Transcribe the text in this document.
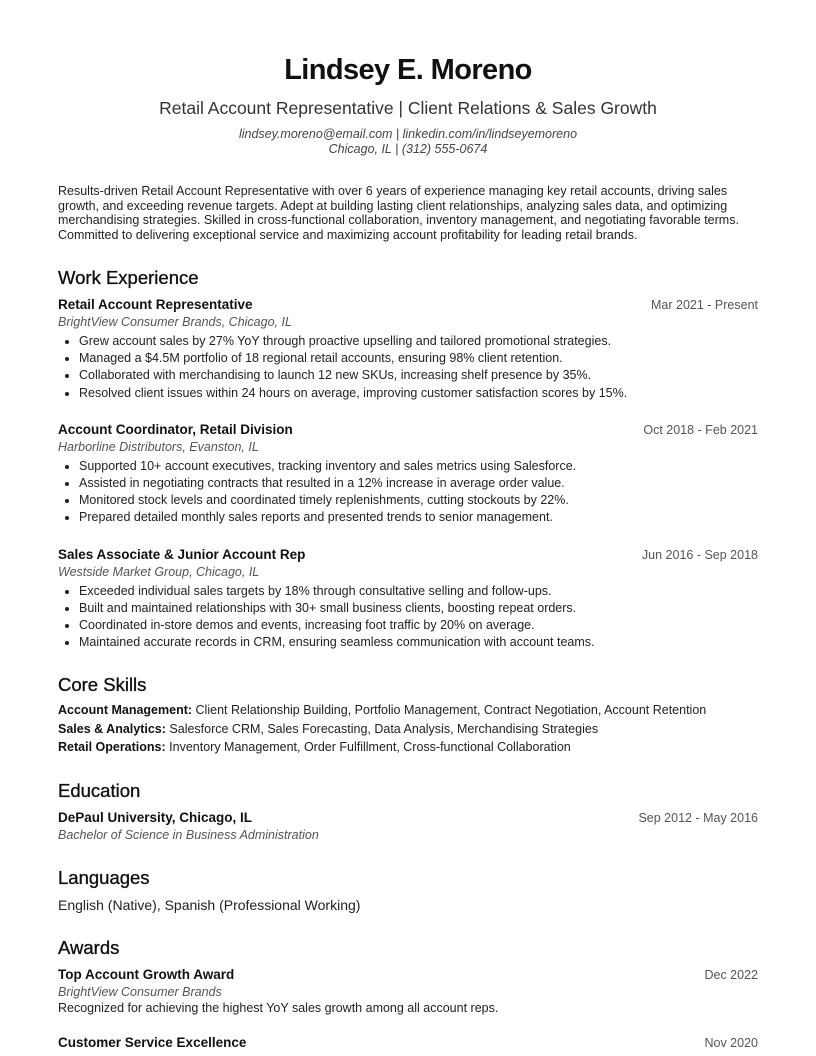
Lindsey E. Moreno
Retail Account Representative | Client Relations & Sales Growth
lindsey.moreno@email.com | linkedin.com/in/lindseyemoreno
Chicago, IL | (312) 555-0674
Results-driven Retail Account Representative with over 6 years of experience managing key retail accounts, driving sales growth, and exceeding revenue targets. Adept at building lasting client relationships, analyzing sales data, and optimizing merchandising strategies. Skilled in cross-functional collaboration, inventory management, and negotiating favorable terms. Committed to delivering exceptional service and maximizing account profitability for leading retail brands.
Work Experience
Retail Account Representative	Mar 2021 - Present
BrightView Consumer Brands, Chicago, IL
• Grew account sales by 27% YoY through proactive upselling and tailored promotional strategies.
• Managed a $4.5M portfolio of 18 regional retail accounts, ensuring 98% client retention.
• Collaborated with merchandising to launch 12 new SKUs, increasing shelf presence by 35%.
• Resolved client issues within 24 hours on average, improving customer satisfaction scores by 15%.
Account Coordinator, Retail Division	Oct 2018 - Feb 2021
Harborline Distributors, Evanston, IL
• Supported 10+ account executives, tracking inventory and sales metrics using Salesforce.
• Assisted in negotiating contracts that resulted in a 12% increase in average order value.
• Monitored stock levels and coordinated timely replenishments, cutting stockouts by 22%.
• Prepared detailed monthly sales reports and presented trends to senior management.
Sales Associate & Junior Account Rep	Jun 2016 - Sep 2018
Westside Market Group, Chicago, IL
• Exceeded individual sales targets by 18% through consultative selling and follow-ups.
• Built and maintained relationships with 30+ small business clients, boosting repeat orders.
• Coordinated in-store demos and events, increasing foot traffic by 20% on average.
• Maintained accurate records in CRM, ensuring seamless communication with account teams.
Core Skills
Account Management: Client Relationship Building, Portfolio Management, Contract Negotiation, Account Retention
Sales & Analytics: Salesforce CRM, Sales Forecasting, Data Analysis, Merchandising Strategies
Retail Operations: Inventory Management, Order Fulfillment, Cross-functional Collaboration
Education
DePaul University, Chicago, IL	Sep 2012 - May 2016
Bachelor of Science in Business Administration
Languages
English (Native), Spanish (Professional Working)
Awards
Top Account Growth Award	Dec 2022
BrightView Consumer Brands
Recognized for achieving the highest YoY sales growth among all account reps.
Customer Service Excellence	Nov 2020
